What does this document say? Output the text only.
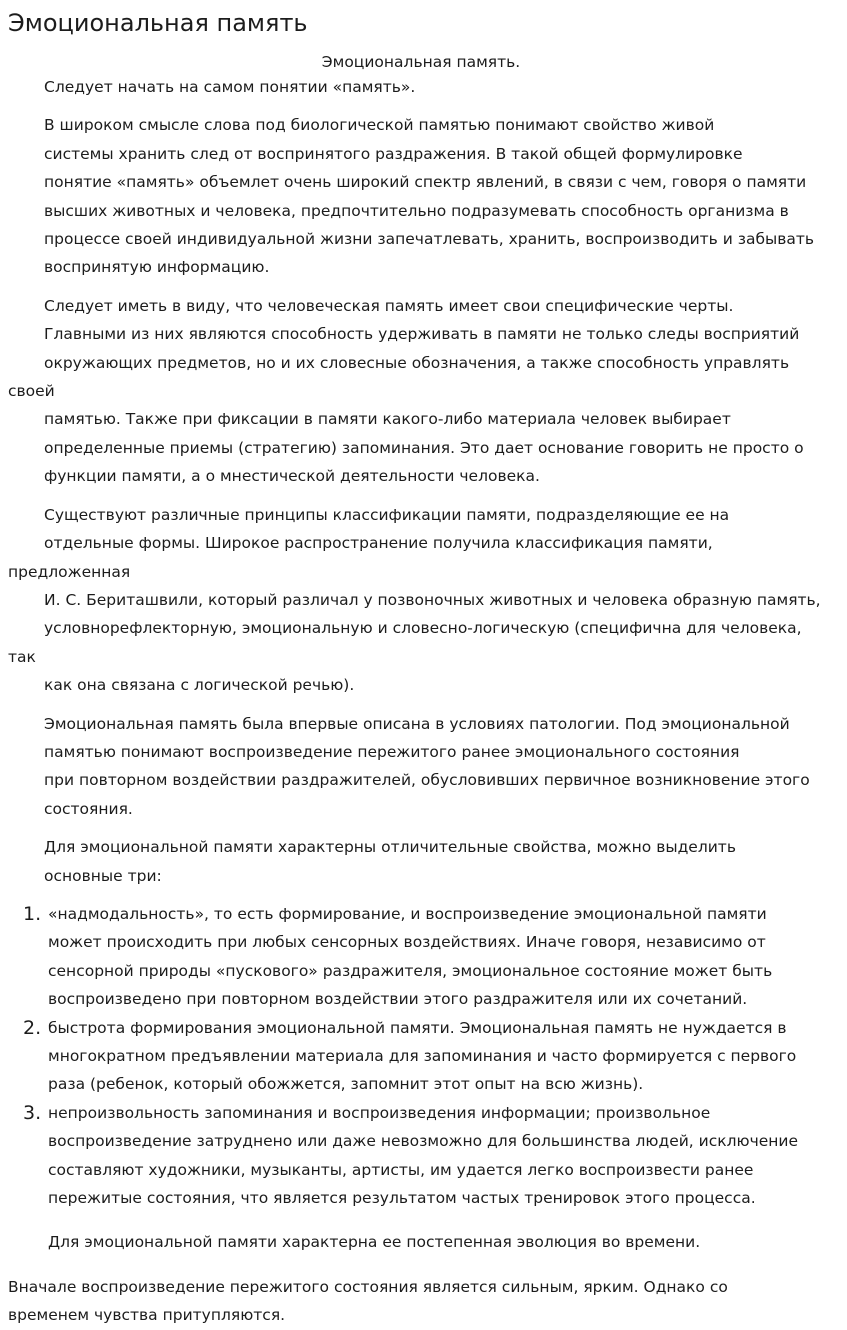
Эмоциональная память
Эмоциональная память.

Следует начать на самом понятии «память».

В широком смысле слова под биологической памятью понимают свойство живой
системы хранить след от воспринятого раздражения. В такой общей формулировке
понятие «память» объемлет очень широкий спектр явлений, в связи с чем, говоря о памяти
высших животных и человека, предпочтительно подразумевать способность организма в
процессе своей индивидуальной жизни запечатлевать, хранить, воспроизводить и забывать
воспринятую информацию.

Следует иметь в виду, что человеческая память имеет свои специфические черты.
Главными из них являются способность удерживать в памяти не только следы восприятий
окружающих предметов, но и их словесные обозначения, а также способность управлять своей
памятью. Также при фиксации в памяти какого-либо материала человек выбирает
определенные приемы (стратегию) запоминания. Это дает основание говорить не просто о
функции памяти, а о мнестической деятельности человека.

Существуют различные принципы классификации памяти, подразделяющие ее на
отдельные формы. Широкое распространение получила классификация памяти, предложенная
И. С. Бериташвили, который различал у позвоночных животных и человека образную память,
условнорефлекторную, эмоциональную и словесно-логическую (специфична для человека, так
как она связана с логической речью).

Эмоциональная память была впервые описана в условиях патологии. Под эмоциональной
памятью понимают воспроизведение пережитого ранее эмоционального состояния
при повторном воздействии раздражителей, обусловивших первичное возникновение этого
состояния.

Для эмоциональной памяти характерны отличительные свойства, можно выделить
основные три:

1. «надмодальность», то есть формирование, и воспроизведение эмоциональной памяти
может происходить при любых сенсорных воздействиях. Иначе говоря, независимо от
сенсорной природы «пускового» раздражителя, эмоциональное состояние может быть
воспроизведено при повторном воздействии этого раздражителя или их сочетаний.
2. быстрота формирования эмоциональной памяти. Эмоциональная память не нуждается в
многократном предъявлении материала для запоминания и часто формируется с первого
раза (ребенок, который обожжется, запомнит этот опыт на всю жизнь).
3. непроизвольность запоминания и воспроизведения информации; произвольное
воспроизведение затруднено или даже невозможно для большинства людей, исключение
составляют художники, музыканты, артисты, им удается легко воспроизвести ранее
пережитые состояния, что является результатом частых тренировок этого процесса.

Для эмоциональной памяти характерна ее постепенная эволюция во времени.

Вначале воспроизведение пережитого состояния является сильным, ярким. Однако со
временем чувства притупляются.
